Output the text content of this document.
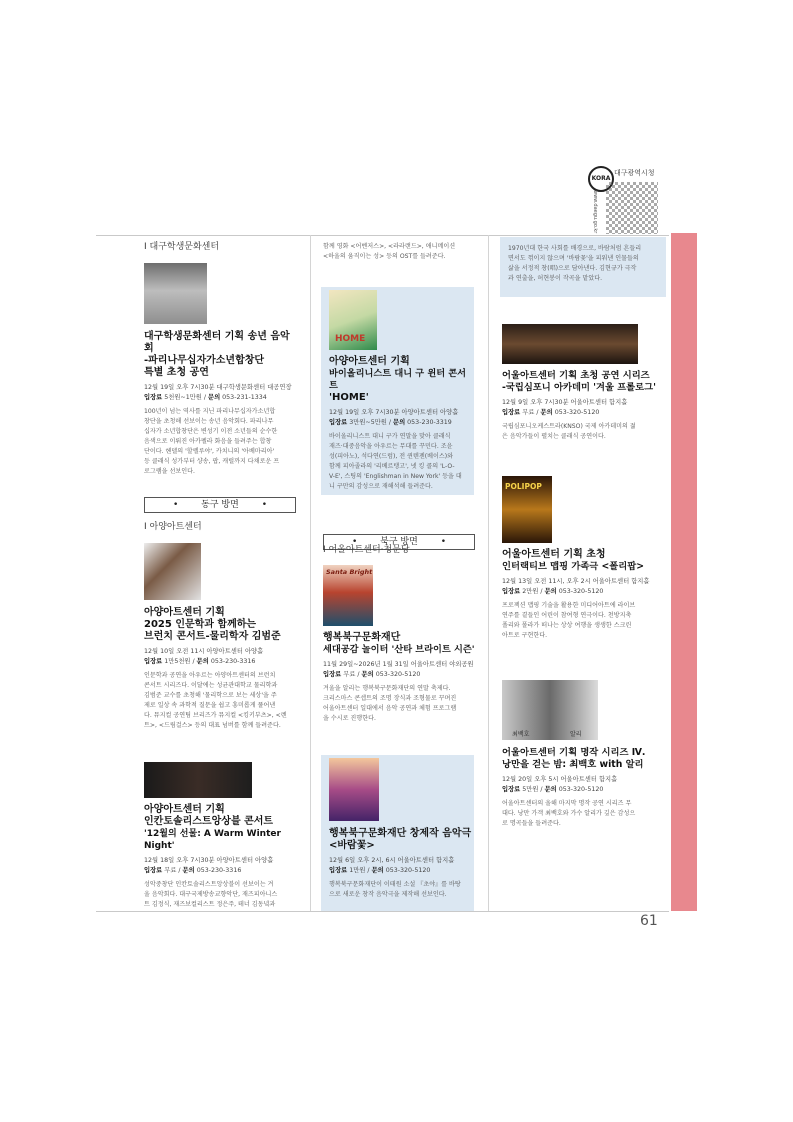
KORA
대구광역시청
www.daegu.go.kr
61

I 대구학생문화센터

대구학생문화센터 기획 송년 음악회

-파리나무십자가소년합창단

특별 초청 공연

12월 19일 오후 7시30분 대구학생문화센터 대공연장

입장료 5천원~1만원 / 문의 053-231-1334

100년이 넘는 역사를 지닌 파리나무십자가소년합

창단을 초청해 선보이는 송년 음악회다. 파리나무

십자가 소년합창단은 변성기 이전 소년들의 순수한

음색으로 이뤄진 아카펠라 화음을 들려주는 합창

단이다. 헨델의 '할렐루야', 카치니의 '아베마리아'

등 클래식 성가부터 샹송, 팝, 캐럴까지 다채로운 프

로그램을 선보인다.

•	동구 방면	•

I 아양아트센터

아양아트센터 기획

2025 인문학과 함께하는

브런치 콘서트-물리학자 김범준

12월 10일 오전 11시 아양아트센터 아양홀

입장료 1만5천원 / 문의 053-230-3316

인문학과 공연을 아우르는 아양아트센터의 브런치

콘서트 시리즈다. 이달에는 성균관대학교 물리학과

김범준 교수를 초청해 '물리학으로 보는 세상'을 주

제로 일상 속 과학적 질문을 쉽고 흥미롭게 풀어낸

다. 뮤지컬 공연팀 브리즈가 뮤지컬 <킹키부츠>, <렌

트>, <드림걸스> 등의 대표 넘버를 함께 들려준다.

아양아트센터 기획

인칸토솔리스트앙상블 콘서트

'12월의 선물: A Warm Winter Night'

12월 18일 오후 7시30분 아양아트센터 아양홀

입장료 무료 / 문의 053-230-3316

성악중창단 인칸토솔리스트앙상블이 선보이는 겨

울 음악회다. 대구국제방송교향악단, 재즈피아니스

트 김정식, 재즈보컬리스트 정은주, 테너 김동녘과

함께 영화 <어벤저스>, <라라랜드>, 애니메이션

<하울의 움직이는 성> 등의 OST를 들려준다.

HOME

아양아트센터 기획

바이올리니스트 대니 구 윈터 콘서트

'HOME'

12월 19일 오후 7시30분 아양아트센터 아양홀

입장료 3만원~5만원 / 문의 053-230-3319

바이올리니스트 대니 구가 연말을 맞아 클래식

재즈·대중음악을 아우르는 무대를 꾸민다. 조윤

성(피아노), 석다연(드럼), 전 퀸텐젠(베이스)와

함께 피아졸라의 '리베르탱고', 넷 킹 콜의 'L-O-

V-E', 스팅의 'Englishman in New York' 등을 대

니 구만의 감성으로 재해석해 들려준다.

•	북구 방면	•

I 어울아트센터·청문당

Santa Bright

행복북구문화재단

세대공감 놀이터 '산타 브라이트 시즌'

11월 29일~2026년 1월 31일 어울아트센터 야외공원

입장료 무료 / 문의 053-320-5120

겨울을 알리는 행복북구문화재단의 연말 축제다.

크리스마스 콘셉트의 조명 장식과 조형물로 꾸며진

어울아트센터 일대에서 음악 공연과 체험 프로그램

을 수시로 진행한다.

행복북구문화재단 창제작 음악극

<바람꽃>

12월 6일 오후 2시, 6시 어울아트센터 함지홀

입장료 1만원 / 문의 053-320-5120

행복북구문화재단이 이태원 소설 『초야』를 바탕

으로 새로운 창작 음악극을 제작해 선보인다.

1970년대 한국 사회를 배경으로, 바람처럼 흔들리

면서도 꺾이지 않으며 '바람꽃'을 피워낸 인물들의

삶을 서정적 창(唱)으로 담아낸다. 김현규가 극작

과 연출을, 허현봉이 작곡을 맡았다.

어울아트센터 기획 초청 공연 시리즈

-국립심포니 아카데미 '겨울 프롤로그'

12월 9일 오후 7시30분 어울아트센터 함지홀

입장료 무료 / 문의 053-320-5120

국립심포니오케스트라(KNSO) 국제 아카데미의 젊

은 음악가들이 펼치는 클래식 공연이다.

POLIPOP

어울아트센터 기획 초청

인터랙티브 맵핑 가족극 <폴리팝>

12월 13일 오전 11시, 오후 2시 어울아트센터 함지홀

입장료 2만원 / 문의 053-320-5120

프로젝션 맵핑 기술을 활용한 미디어아트에 라이브

연주를 곁들인 어린이 참여형 연극이다. 천방지축

폴리와 폴라가 떠나는 상상 여행을 생생한 스크린

아트로 구현한다.

최백호	알리

어울아트센터 기획 명작 시리즈 Ⅳ.

낭만을 걷는 밤: 최백호 with 알리

12월 20일 오후 5시 어울아트센터 함지홀

입장료 5만원 / 문의 053-320-5120

어울아트센터의 올해 마지막 명작 공연 시리즈 무

대다. 낭만 가객 최백호와 가수 알리가 깊은 감성으

로 명곡들을 들려준다.
